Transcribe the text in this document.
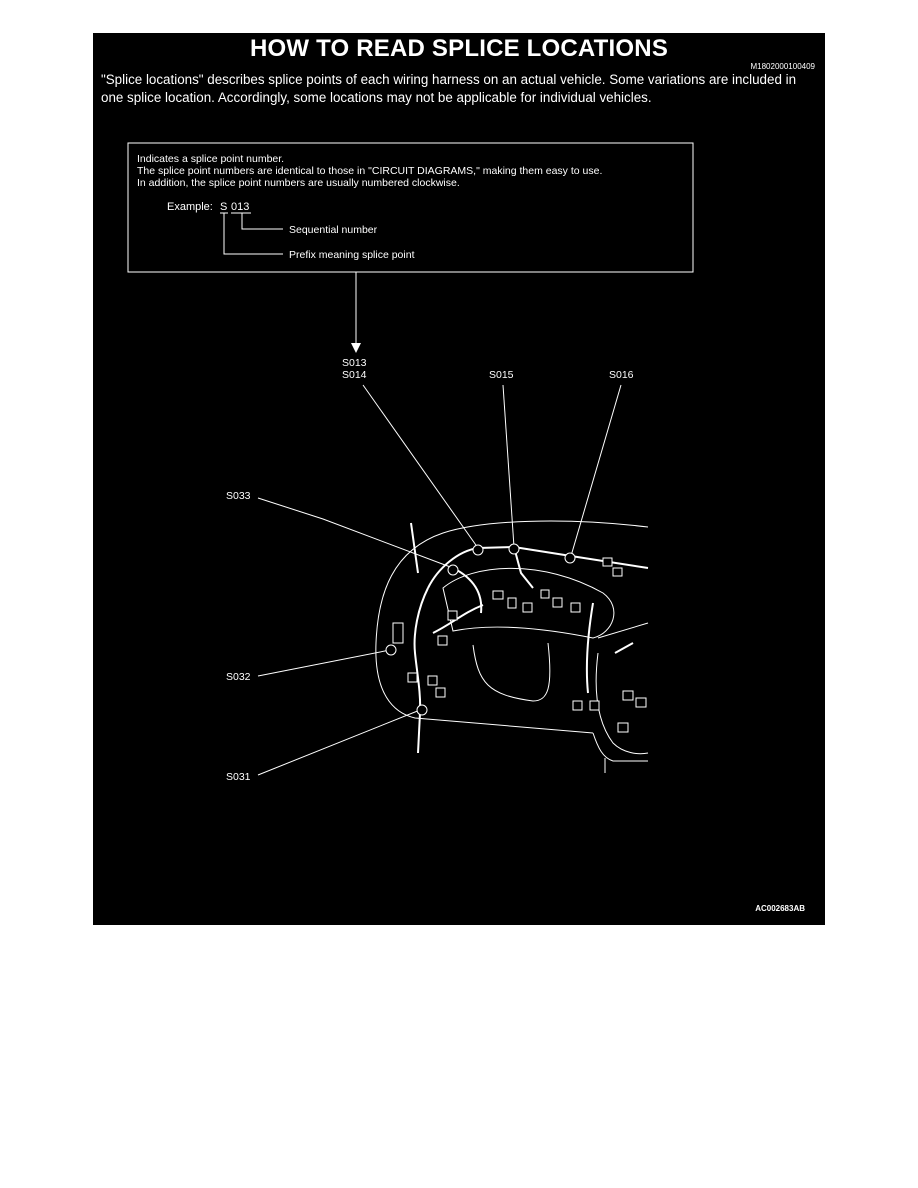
HOW TO READ SPLICE LOCATIONS
M1802000100409
"Splice locations" describes splice points of each wiring harness on an actual vehicle. Some variations are included in one splice location. Accordingly, some locations may not be applicable for individual vehicles.
Indicates a splice point number.
The splice point numbers are identical to those in "CIRCUIT DIAGRAMS," making them easy to use.
In addition, the splice point numbers are usually numbered clockwise.
Example: S 013
Sequential number
Prefix meaning splice point
S013
S014	S015	S016
S033
S032
S031
AC002683AB
